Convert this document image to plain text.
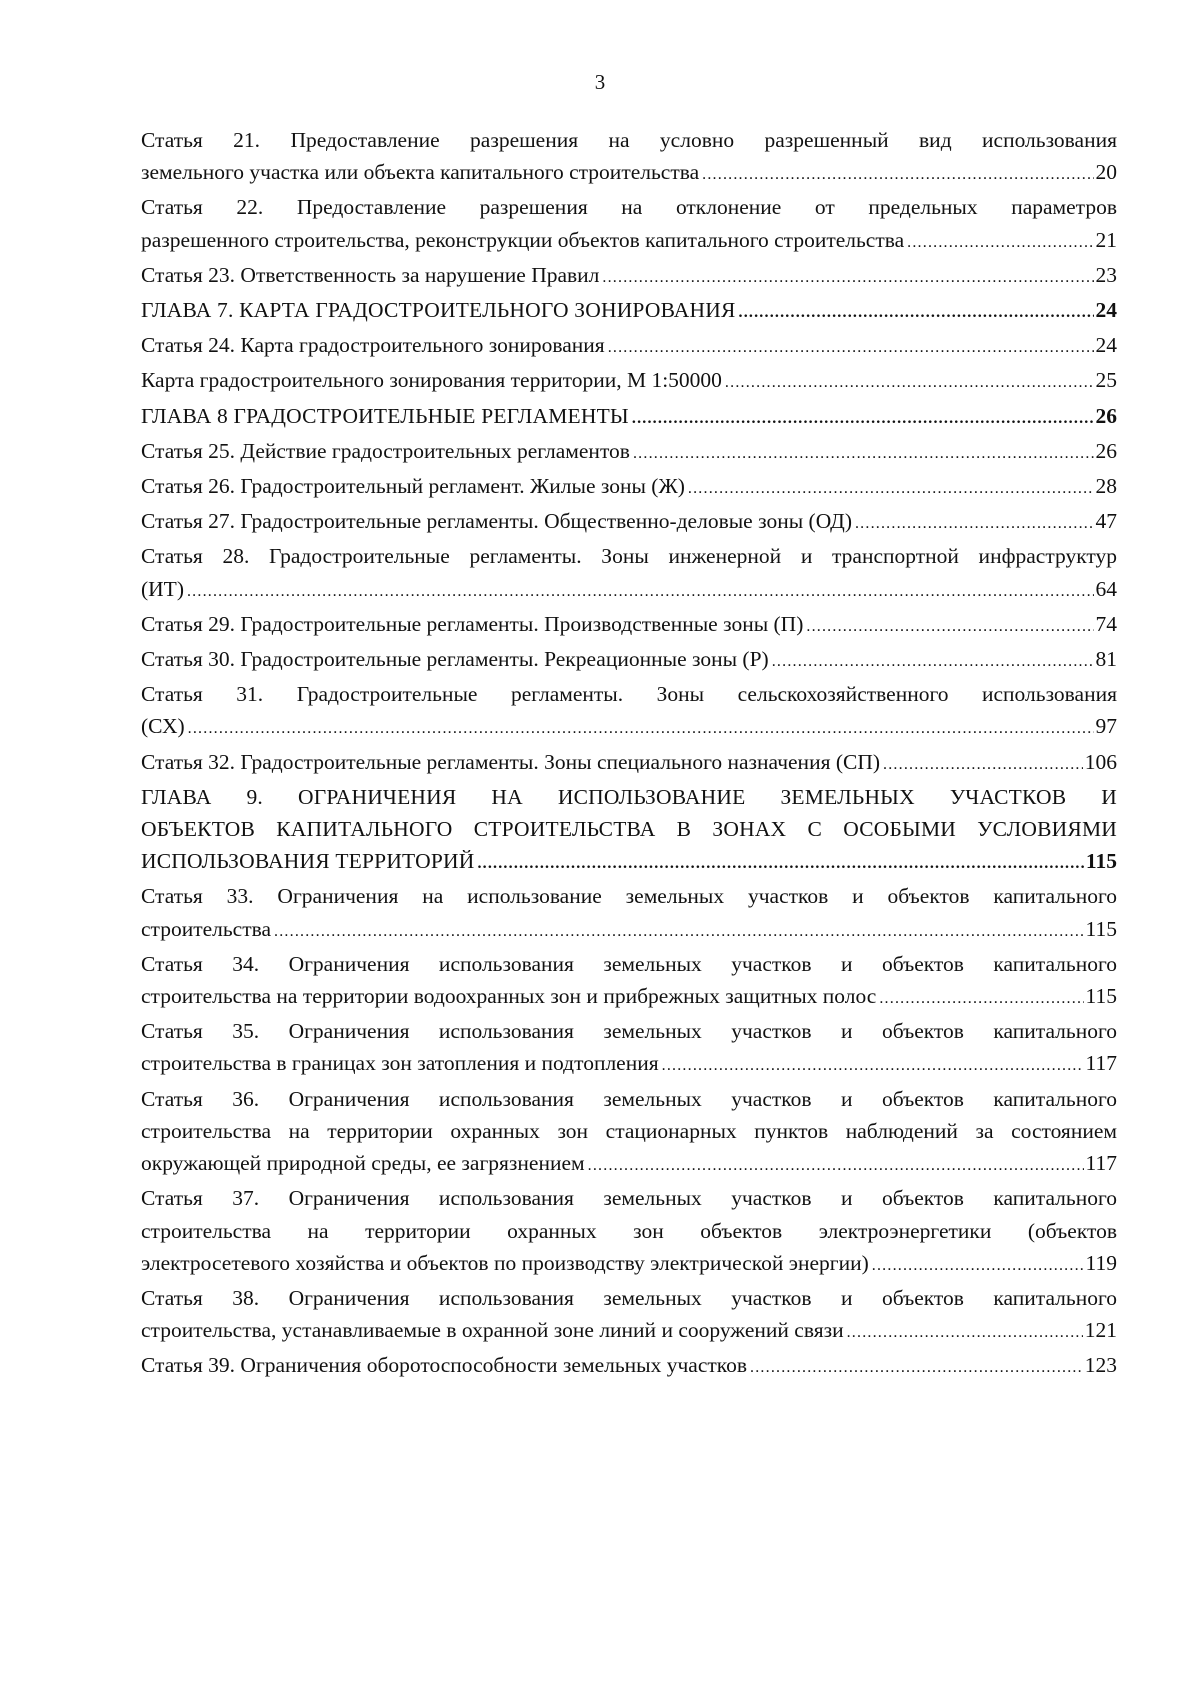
3
Статья 21. Предоставление разрешения на условно разрешенный вид использования
земельного участка или объекта капитального строительства .....	20
Статья 22. Предоставление разрешения на отклонение от предельных параметров
разрешенного строительства, реконструкции объектов капитального строительства .....	21
Статья 23. Ответственность за нарушение Правил .....	23
ГЛАВА 7. КАРТА ГРАДОСТРОИТЕЛЬНОГО ЗОНИРОВАНИЯ .....	24
Статья 24. Карта градостроительного зонирования .....	24
Карта градостроительного зонирования территории, М 1:50000 .....	25
ГЛАВА 8 ГРАДОСТРОИТЕЛЬНЫЕ РЕГЛАМЕНТЫ .....	26
Статья 25. Действие градостроительных регламентов .....	26
Статья 26. Градостроительный регламент. Жилые зоны (Ж) .....	28
Статья 27. Градостроительные регламенты. Общественно-деловые зоны (ОД) .....	47
Статья 28. Градостроительные регламенты. Зоны инженерной и транспортной инфраструктур
(ИТ) .....	64
Статья 29. Градостроительные регламенты. Производственные зоны (П) .....	74
Статья 30. Градостроительные регламенты. Рекреационные зоны (Р) .....	81
Статья 31. Градостроительные регламенты. Зоны сельскохозяйственного использования
(СХ) .....	97
Статья 32. Градостроительные регламенты. Зоны специального назначения (СП) .....	106
ГЛАВА 9. ОГРАНИЧЕНИЯ НА ИСПОЛЬЗОВАНИЕ ЗЕМЕЛЬНЫХ УЧАСТКОВ И
ОБЪЕКТОВ КАПИТАЛЬНОГО СТРОИТЕЛЬСТВА В ЗОНАХ С ОСОБЫМИ УСЛОВИЯМИ
ИСПОЛЬЗОВАНИЯ ТЕРРИТОРИЙ .....	115
Статья 33. Ограничения на использование земельных участков и объектов капитального
строительства .....	115
Статья 34. Ограничения использования земельных участков и объектов капитального
строительства на территории водоохранных зон и прибрежных защитных полос .....	115
Статья 35. Ограничения использования земельных участков и объектов капитального
строительства в границах зон затопления и подтопления .....	117
Статья 36. Ограничения использования земельных участков и объектов капитального
строительства на территории охранных зон стационарных пунктов наблюдений за состоянием
окружающей природной среды, ее загрязнением .....	117
Статья 37. Ограничения использования земельных участков и объектов капитального
строительства на территории охранных зон объектов электроэнергетики (объектов
электросетевого хозяйства и объектов по производству электрической энергии) .....	119
Статья 38. Ограничения использования земельных участков и объектов капитального
строительства, устанавливаемые в охранной зоне линий и сооружений связи .....	121
Статья 39. Ограничения оборотоспособности земельных участков .....	123
